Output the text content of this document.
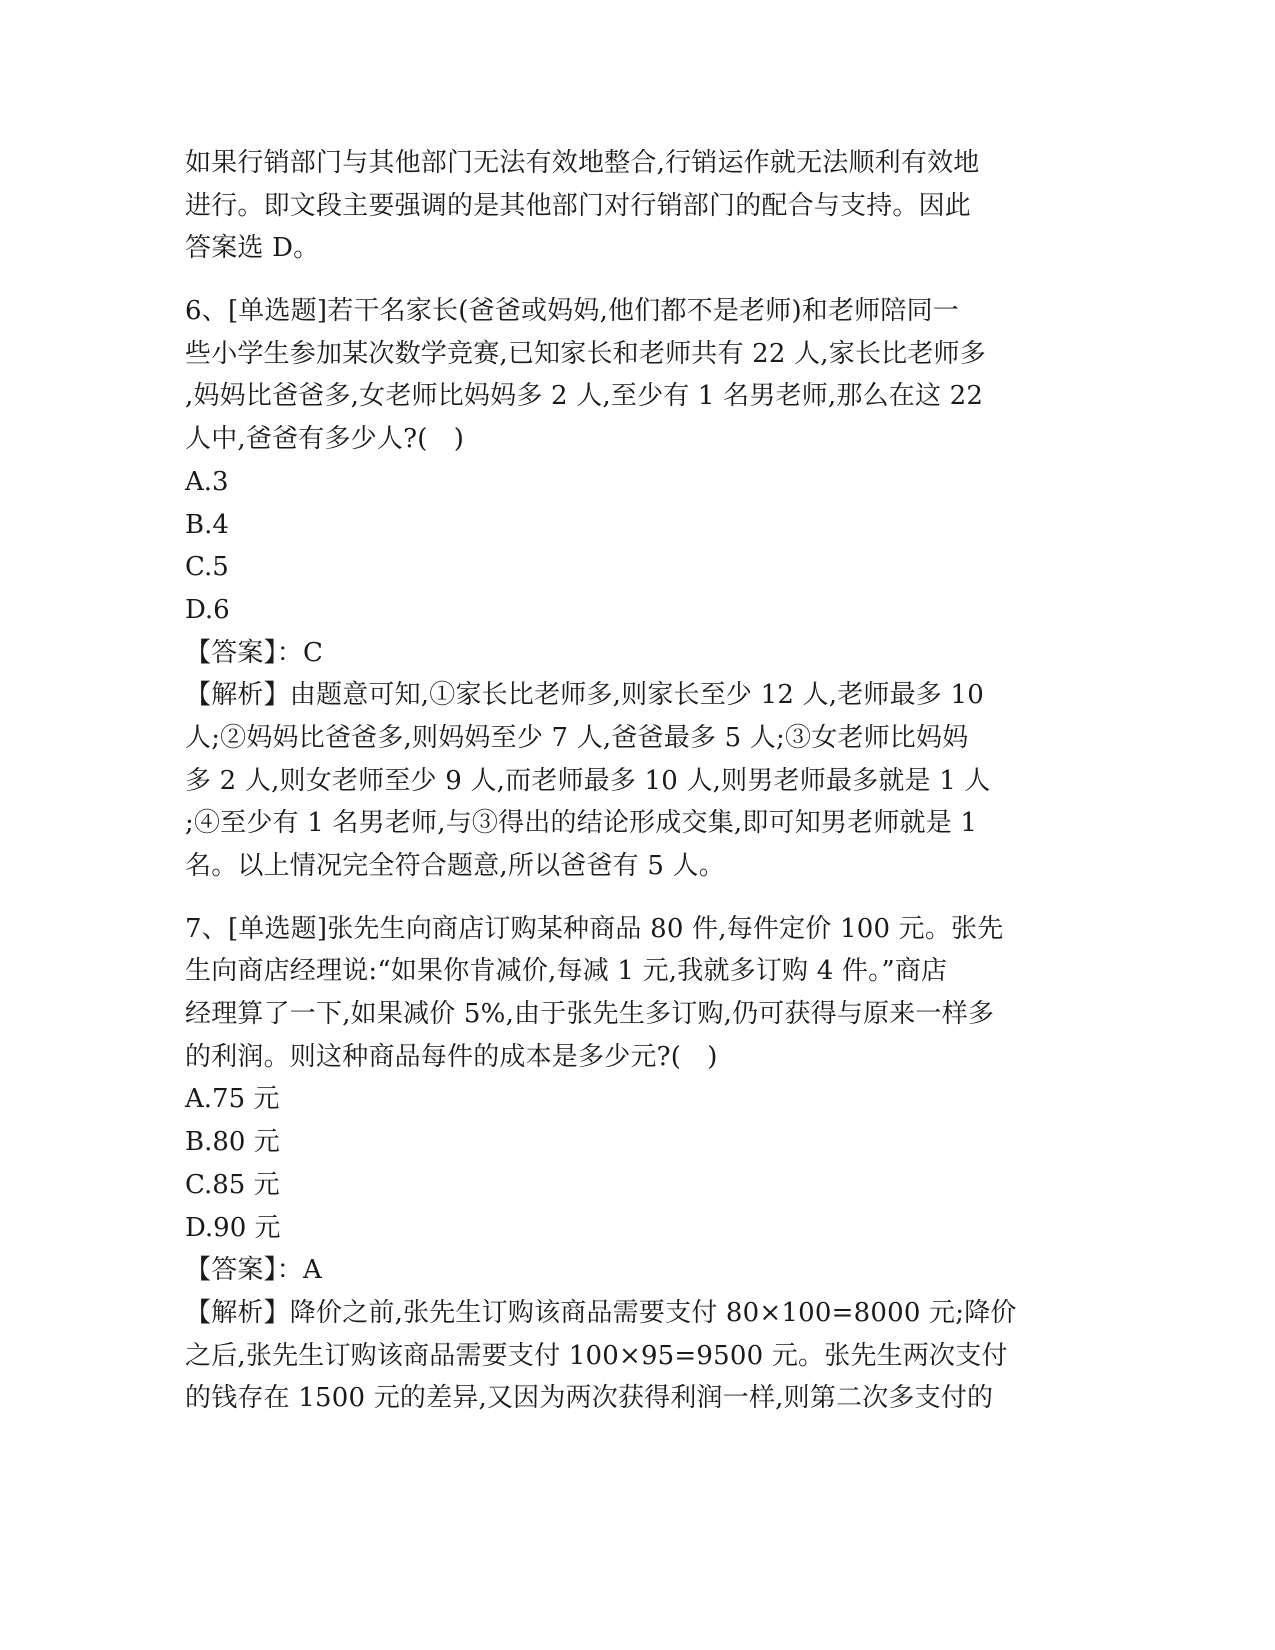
如果行销部门与其他部门无法有效地整合,行销运作就无法顺利有效地
进行。即文段主要强调的是其他部门对行销部门的配合与支持。因此
答案选 D。
6、[单选题]若干名家长(爸爸或妈妈,他们都不是老师)和老师陪同一
些小学生参加某次数学竞赛,已知家长和老师共有 22 人,家长比老师多
,妈妈比爸爸多,女老师比妈妈多 2 人,至少有 1 名男老师,那么在这 22
人中,爸爸有多少人?(　)
A.3
B.4
C.5
D.6
【答案】：C
【解析】由题意可知,①家长比老师多,则家长至少 12 人,老师最多 10
人;②妈妈比爸爸多,则妈妈至少 7 人,爸爸最多 5 人;③女老师比妈妈
多 2 人,则女老师至少 9 人,而老师最多 10 人,则男老师最多就是 1 人
;④至少有 1 名男老师,与③得出的结论形成交集,即可知男老师就是 1
名。以上情况完全符合题意,所以爸爸有 5 人。
7、[单选题]张先生向商店订购某种商品 80 件,每件定价 100 元。张先
生向商店经理说:“如果你肯减价,每减 1 元,我就多订购 4 件。”商店
经理算了一下,如果减价 5%,由于张先生多订购,仍可获得与原来一样多
的利润。则这种商品每件的成本是多少元?(　)
A.75 元
B.80 元
C.85 元
D.90 元
【答案】：A
【解析】降价之前,张先生订购该商品需要支付 80×100=8000 元;降价
之后,张先生订购该商品需要支付 100×95=9500 元。张先生两次支付
的钱存在 1500 元的差异,又因为两次获得利润一样,则第二次多支付的
